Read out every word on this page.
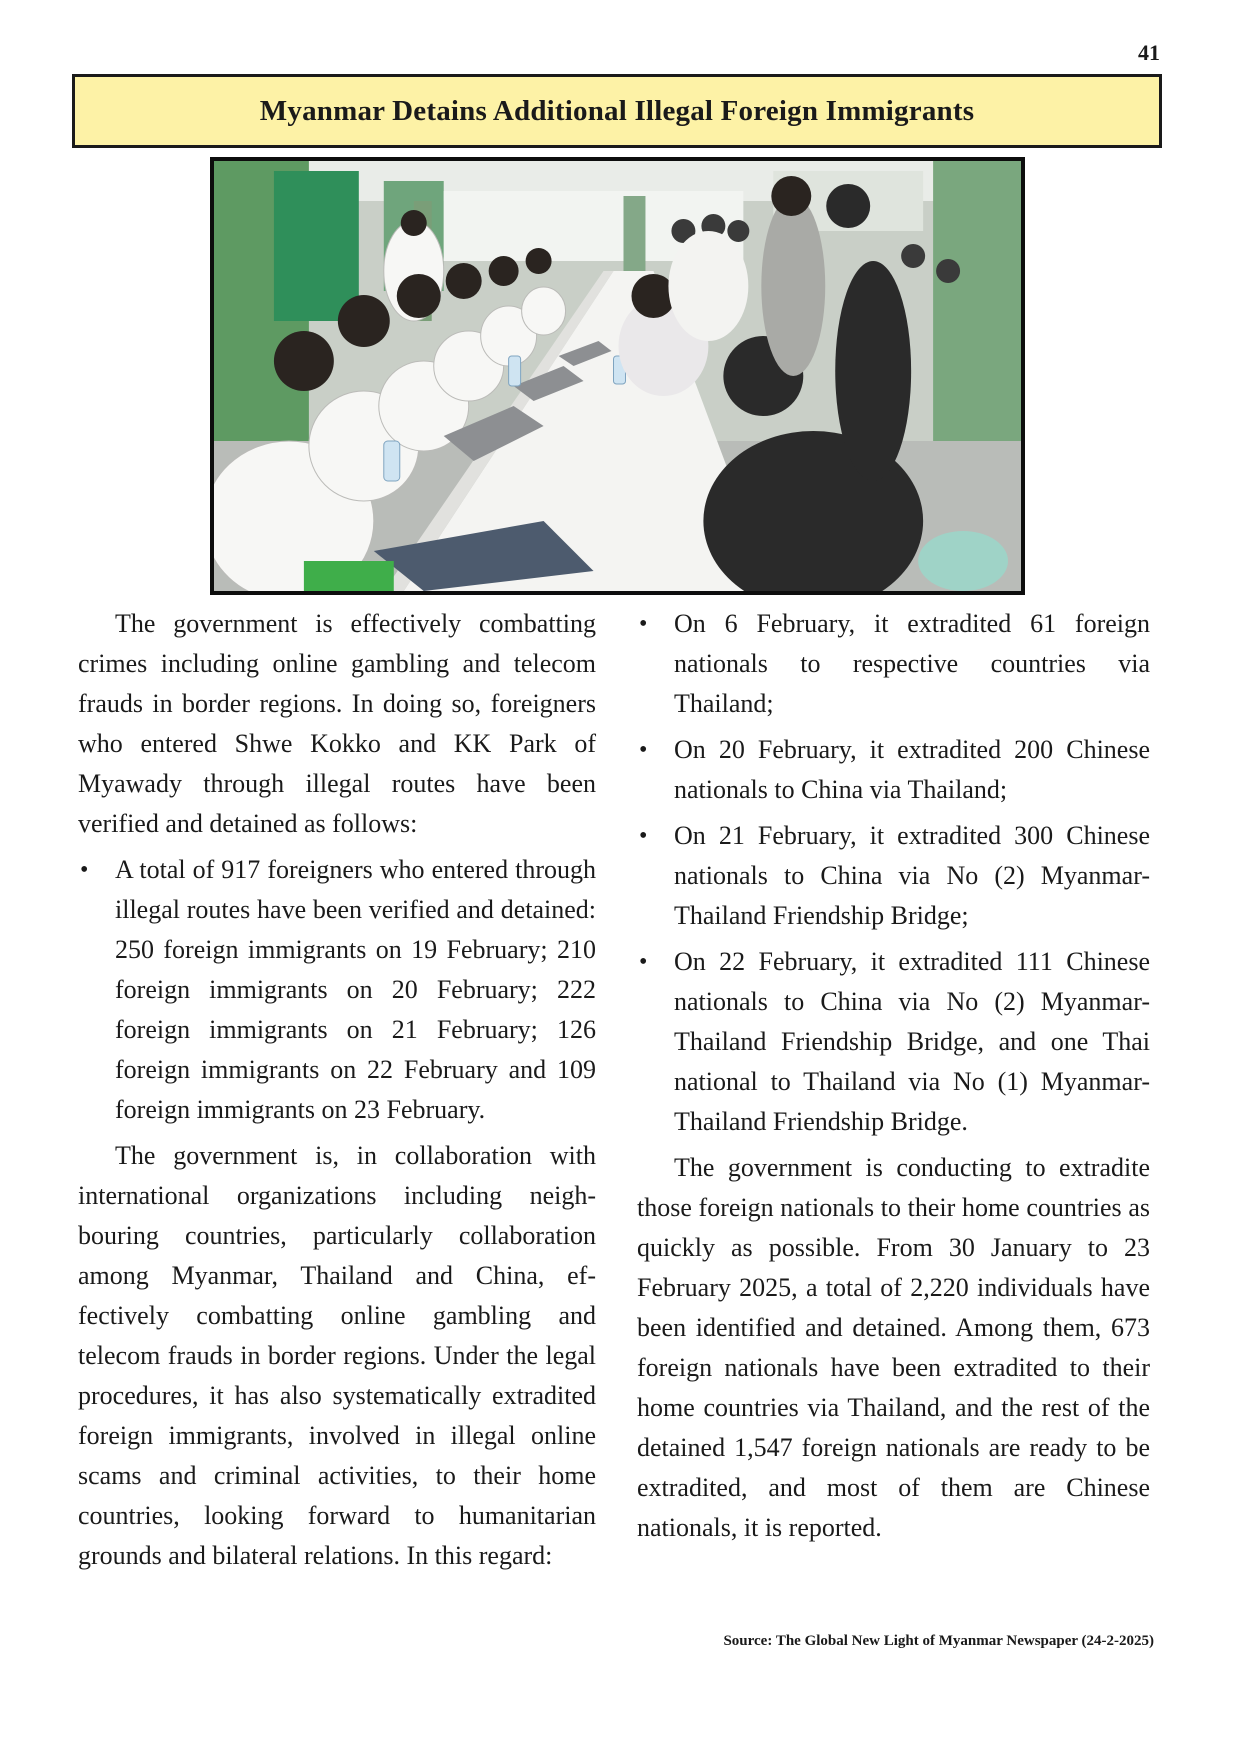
41
Myanmar Detains Additional Illegal Foreign Immigrants

The government is effectively combatting crimes including online gambling and telecom frauds in border regions. In doing so, foreigners who entered Shwe Kokko and KK Park of Myawady through illegal routes have been verified and detained as follows:

• A total of 917 foreigners who entered through illegal routes have been verified and detained: 250 foreign immigrants on 19 February; 210 foreign immigrants on 20 February; 222 foreign immigrants on 21 February; 126 foreign immigrants on 22 February and 109 foreign immigrants on 23 February.

The government is, in collaboration with international organizations including neighbouring countries, particularly collaboration among Myanmar, Thailand and China, effectively combatting online gambling and telecom frauds in border regions. Under the legal procedures, it has also systematically extradited foreign immigrants, involved in illegal online scams and criminal activities, to their home countries, looking forward to humanitarian grounds and bilateral relations. In this regard:

• On 6 February, it extradited 61 foreign nationals to respective countries via Thailand;
• On 20 February, it extradited 200 Chinese nationals to China via Thailand;
• On 21 February, it extradited 300 Chinese nationals to China via No (2) Myanmar-Thailand Friendship Bridge;
• On 22 February, it extradited 111 Chinese nationals to China via No (2) Myanmar-Thailand Friendship Bridge, and one Thai national to Thailand via No (1) Myanmar-Thailand Friendship Bridge.

The government is conducting to extradite those foreign nationals to their home countries as quickly as possible. From 30 January to 23 February 2025, a total of 2,220 individuals have been identified and detained. Among them, 673 foreign nationals have been extradited to their home countries via Thailand, and the rest of the detained 1,547 foreign nationals are ready to be extradited, and most of them are Chinese nationals, it is reported.

Source: The Global New Light of Myanmar Newspaper (24-2-2025)
